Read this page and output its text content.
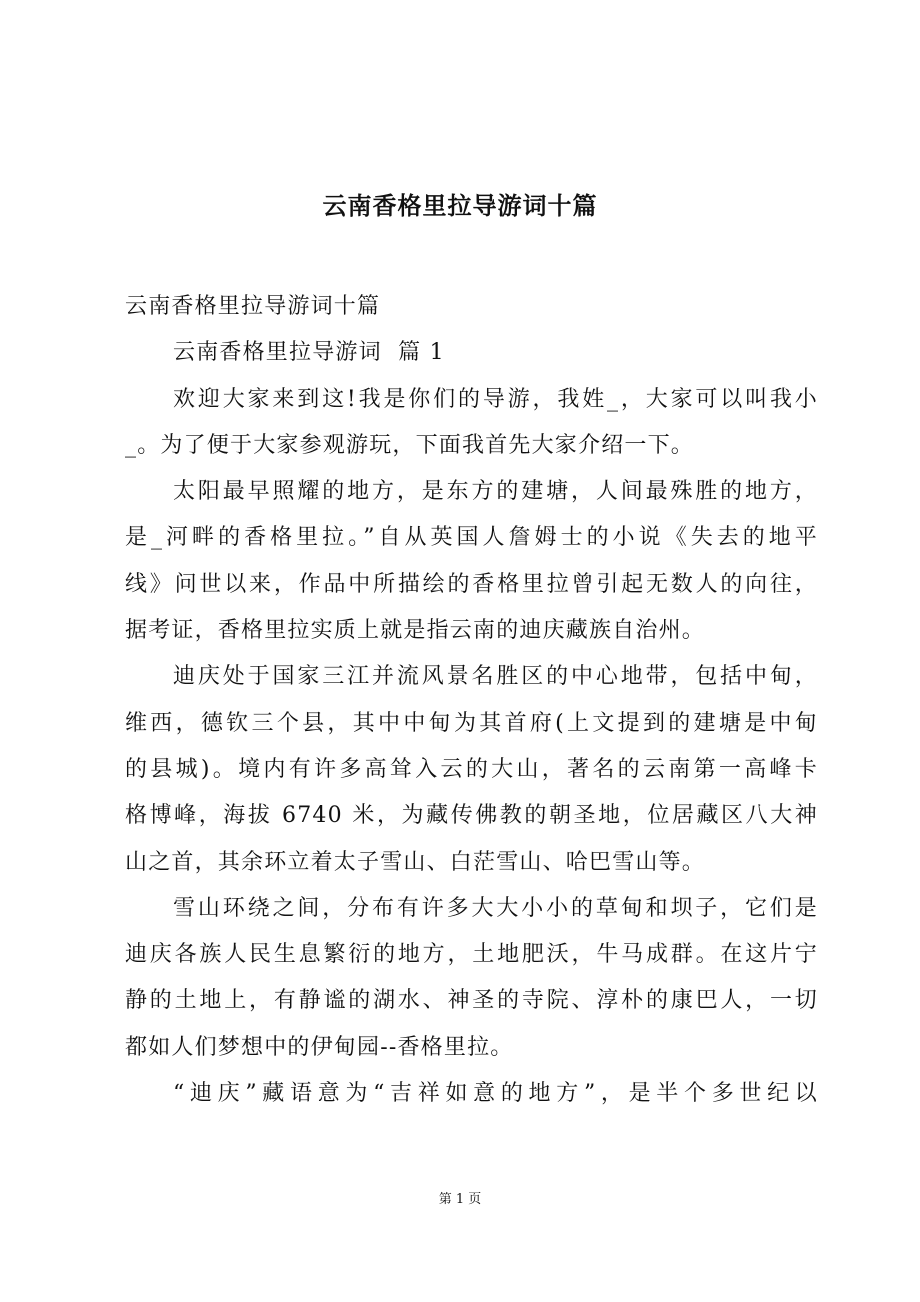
云南香格里拉导游词十篇
云南香格里拉导游词十篇
云南香格里拉导游词  篇 1
欢迎大家来到这!我是你们的导游，我姓_，大家可以叫我小
_。为了便于大家参观游玩，下面我首先大家介绍一下。
太阳最早照耀的地方，是东方的建塘，人间最殊胜的地方，
是_河畔的香格里拉。”自从英国人詹姆士的小说《失去的地平
线》问世以来，作品中所描绘的香格里拉曾引起无数人的向往，
据考证，香格里拉实质上就是指云南的迪庆藏族自治州。
迪庆处于国家三江并流风景名胜区的中心地带，包括中甸，
维西，德钦三个县，其中中甸为其首府(上文提到的建塘是中甸
的县城)。境内有许多高耸入云的大山，著名的云南第一高峰卡
格博峰，海拔 6740 米，为藏传佛教的朝圣地，位居藏区八大神
山之首，其余环立着太子雪山、白茫雪山、哈巴雪山等。
雪山环绕之间，分布有许多大大小小的草甸和坝子，它们是
迪庆各族人民生息繁衍的地方，土地肥沃，牛马成群。在这片宁
静的土地上，有静谧的湖水、神圣的寺院、淳朴的康巴人，一切
都如人们梦想中的伊甸园--香格里拉。
“迪庆”藏语意为“吉祥如意的地方”，是半个多世纪以
第 1 页
